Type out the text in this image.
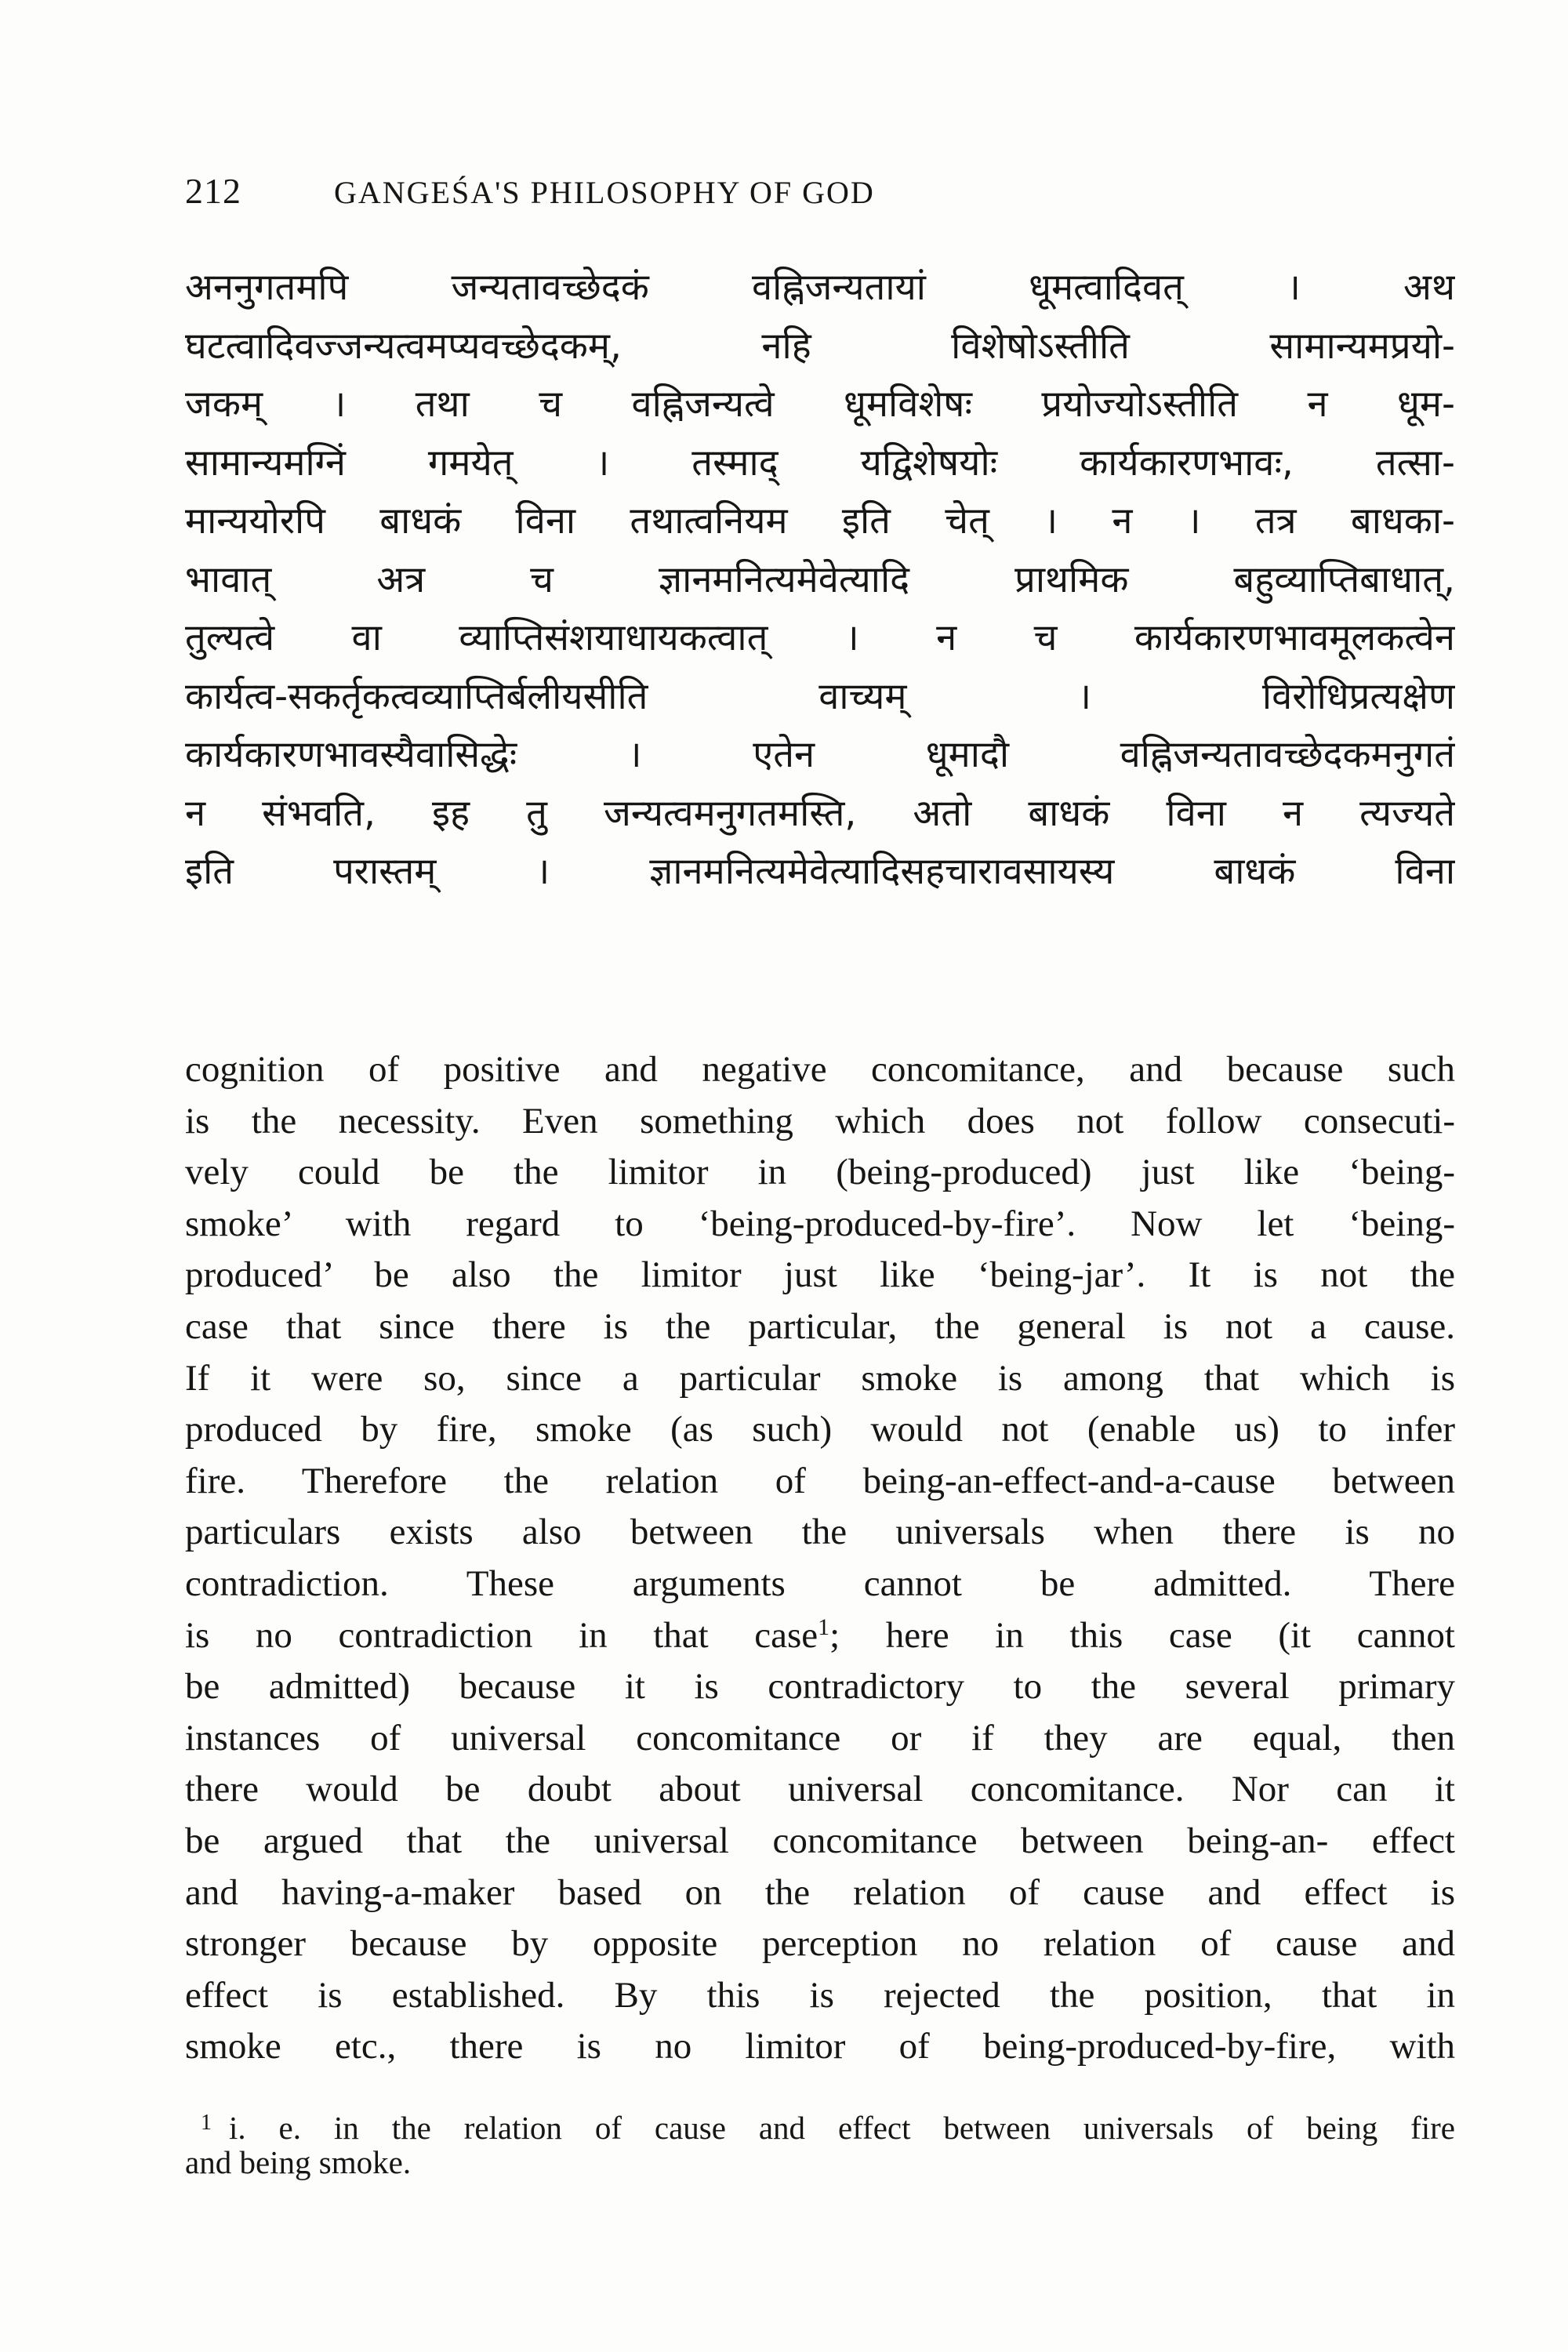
212	GANGEŚA'S PHILOSOPHY OF GOD
अननुगतमपि जन्यतावच्छेदकं वह्निजन्यतायां धूमत्वादिवत् । अथ
घटत्वादिवज्जन्यत्वमप्यवच्छेदकम्, नहि विशेषोऽस्तीति सामान्यमप्रयो-
जकम् । तथा च वह्निजन्यत्वे धूमविशेषः प्रयोज्योऽस्तीति न धूम-
सामान्यमग्निं गमयेत् । तस्माद् यद्विशेषयोः कार्यकारणभावः, तत्सा-
मान्ययोरपि बाधकं विना तथात्वनियम इति चेत् । न । तत्र बाधका-
भावात् अत्र च ज्ञानमनित्यमेवेत्यादि प्राथमिक बहुव्याप्तिबाधात्,
तुल्यत्वे वा व्याप्तिसंशयाधायकत्वात् । न च कार्यकारणभावमूलकत्वेन
कार्यत्व-सकर्तृकत्वव्याप्तिर्बलीयसीति वाच्यम् । विरोधिप्रत्यक्षेण
कार्यकारणभावस्यैवासिद्धेः । एतेन धूमादौ वह्निजन्यतावच्छेदकमनुगतं
न संभवति, इह तु जन्यत्वमनुगतमस्ति, अतो बाधकं विना न त्यज्यते
इति परास्तम् । ज्ञानमनित्यमेवेत्यादिसहचारावसायस्य बाधकं विना
cognition of positive and negative concomitance, and because such
is the necessity. Even something which does not follow consecuti-
vely could be the limitor in (being-produced) just like ‘being-
smoke’ with regard to ‘being-produced-by-fire’. Now let ‘being-
produced’ be also the limitor just like ‘being-jar’. It is not the
case that since there is the particular, the general is not a cause.
If it were so, since a particular smoke is among that which is
produced by fire, smoke (as such) would not (enable us) to infer
fire. Therefore the relation of being-an-effect-and-a-cause between
particulars exists also between the universals when there is no
contradiction. These arguments cannot be admitted. There
is no contradiction in that case$^1$; here in this case (it cannot
be admitted) because it is contradictory to the several primary
instances of universal concomitance or if they are equal, then
there would be doubt about universal concomitance. Nor can it
be argued that the universal concomitance between being-an- effect
and having-a-maker based on the relation of cause and effect is
stronger because by opposite perception no relation of cause and
effect is established. By this is rejected the position, that in
smoke etc., there is no limitor of being-produced-by-fire, with
$^1$ i. e. in the relation of cause and effect between universals of being fire
and being smoke.
